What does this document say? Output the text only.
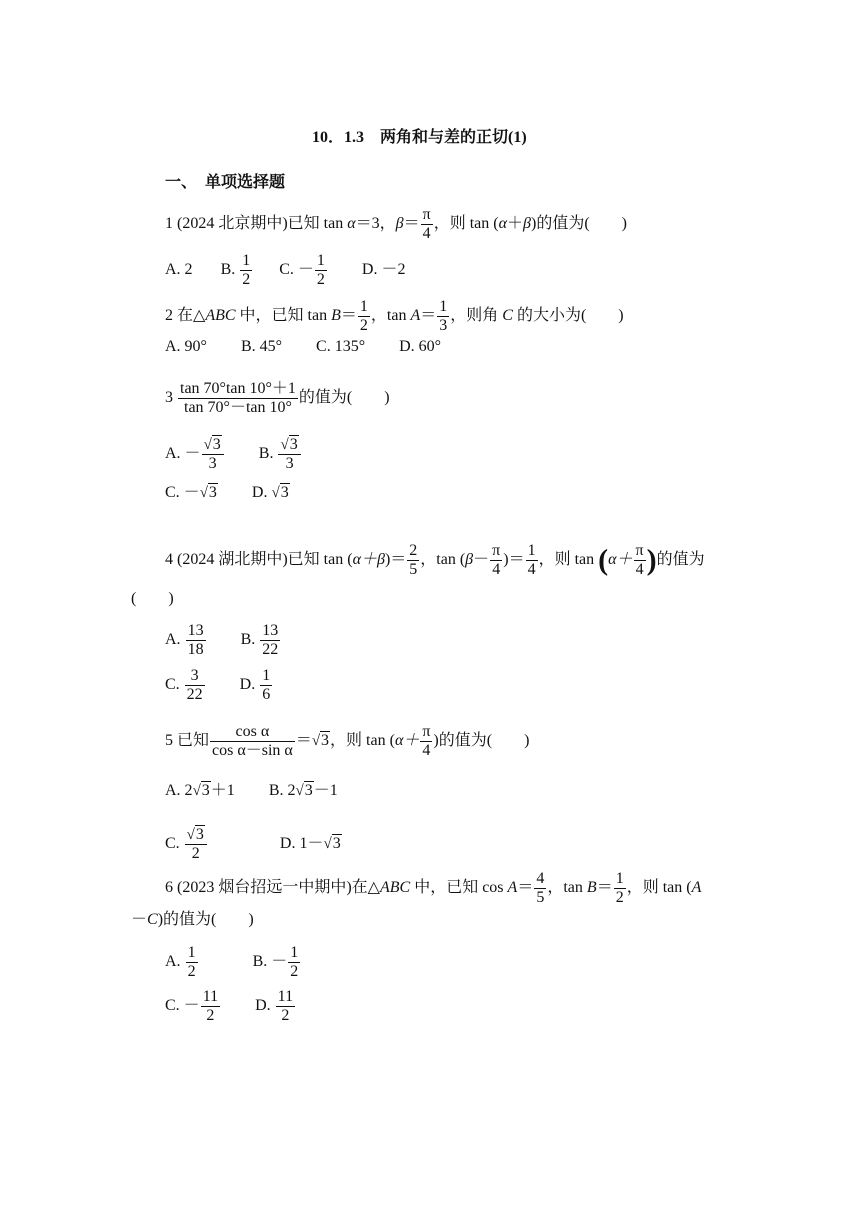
10．1.3　两角和与差的正切(1)
一、　单项选择题
1 (2024 北京期中)已知 tan α＝3，$\beta= \frac{\pi}{4}$ ，则 tan (α＋β)的值为(　　)
A. 2 B. $\frac{1}{2} C$. － $\frac{1}{2} D$. －2
2 在△ABC 中，已知 $\tan B= \frac{1}{2}$ ，$\tan A= \frac{1}{3}$ ，则角 C 的大小为(　　)
A. 90° B. 45° C. 135° D. 60°
$3 \frac{\tan 70^\circ\tan 10^\circ+1}{\tan 70^\circ-\tan 10^\circ}$ 的值为(　　)
A. － $\frac{√3}{3} B$. $\frac{√3}{3}$
C. －√3 D. √3
4 (2024 湖北期中)已知 $\tan (\alpha+\beta)= \frac{2}{5}$ ，$\tan (\beta- \frac{\pi}{4}$ )＝ $\frac{1}{4}$ ，则 $\tan (\alpha+ \frac{\pi}{4}$ )的值为
(　　)
A. $\frac{13}{18} B$. $\frac{13}{22}$
C. $\frac{3}{22} D$. $\frac{1}{6}$
5 已知 $\frac{\text{cos α}}{\text{cos α－sin α}} =√3$，则 $\tan (\alpha+ \frac{\pi}{4}$ )的值为(　　)
A. 2√3＋1 B. 2√3－1
C. $\frac{√3}{2}$	D. 1－√3
6 (2023 烟台招远一中期中)在△ABC 中，已知 $\cos A= \frac{4}{5}$ ，$\tan B= \frac{1}{2}$ ，则 tan (A
－C)的值为(　　)
A. $\frac{1}{2}$	B. － $\frac{1}{2}$
C. － $\frac{11}{2} D$. $\frac{11}{2}$
